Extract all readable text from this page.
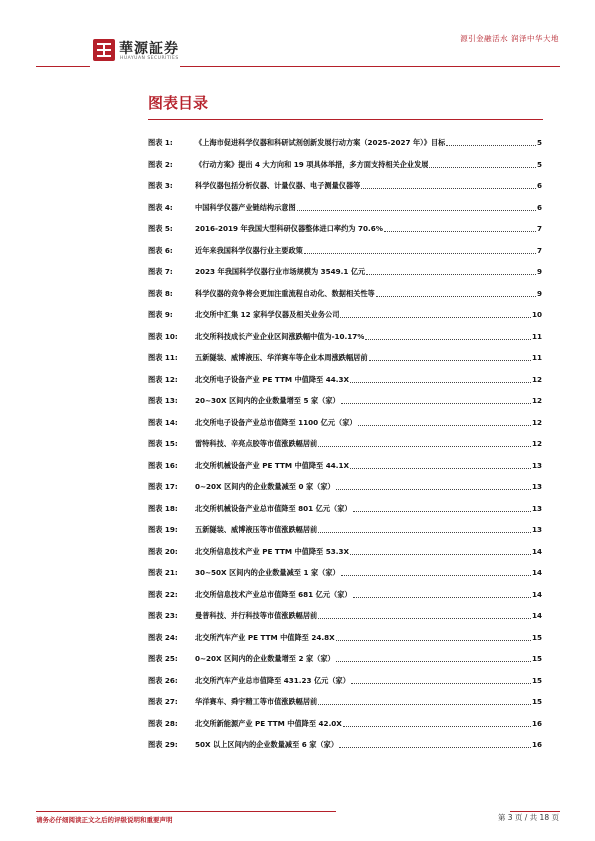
華源証券
HUAYUAN SECURITIES
源引金融活水 润泽中华大地
图表目录
图表 1:	《上海市促进科学仪器和科研试剂创新发展行动方案（2025-2027 年）》目标	5
图表 2:	《行动方案》提出 4 大方向和 19 项具体举措，多方面支持相关企业发展	5
图表 3:	科学仪器包括分析仪器、计量仪器、电子测量仪器等	6
图表 4:	中国科学仪器产业链结构示意图	6
图表 5:	2016-2019 年我国大型科研仪器整体进口率约为 70.6%	7
图表 6:	近年来我国科学仪器行业主要政策	7
图表 7:	2023 年我国科学仪器行业市场规模为 3549.1 亿元	9
图表 8:	科学仪器的竞争将会更加注重流程自动化、数据相关性等	9
图表 9:	北交所中汇集 12 家科学仪器及相关业务公司	10
图表 10:	北交所科技成长产业企业区间涨跌幅中值为-10.17%	11
图表 11:	五新隧装、威博液压、华洋赛车等企业本周涨跌幅居前	11
图表 12:	北交所电子设备产业 PE TTM 中值降至 44.3X	12
图表 13:	20~30X 区间内的企业数量增至 5 家（家）	12
图表 14:	北交所电子设备产业总市值降至 1100 亿元（家）	12
图表 15:	雷特科技、辛亮点胶等市值涨跌幅居前	12
图表 16:	北交所机械设备产业 PE TTM 中值降至 44.1X	13
图表 17:	0~20X 区间内的企业数量减至 0 家（家）	13
图表 18:	北交所机械设备产业总市值降至 801 亿元（家）	13
图表 19:	五新隧装、威博液压等市值涨跌幅居前	13
图表 20:	北交所信息技术产业 PE TTM 中值降至 53.3X	14
图表 21:	30~50X 区间内的企业数量减至 1 家（家）	14
图表 22:	北交所信息技术产业总市值降至 681 亿元（家）	14
图表 23:	曼普科技、并行科技等市值涨跌幅居前	14
图表 24:	北交所汽车产业 PE TTM 中值降至 24.8X	15
图表 25:	0~20X 区间内的企业数量增至 2 家（家）	15
图表 26:	北交所汽车产业总市值降至 431.23 亿元（家）	15
图表 27:	华洋赛车、舜宇精工等市值涨跌幅居前	15
图表 28:	北交所新能源产业 PE TTM 中值降至 42.0X	16
图表 29:	50X 以上区间内的企业数量减至 6 家（家）	16
请务必仔细阅读正文之后的评级说明和重要声明	第 3 页 / 共 18 页
